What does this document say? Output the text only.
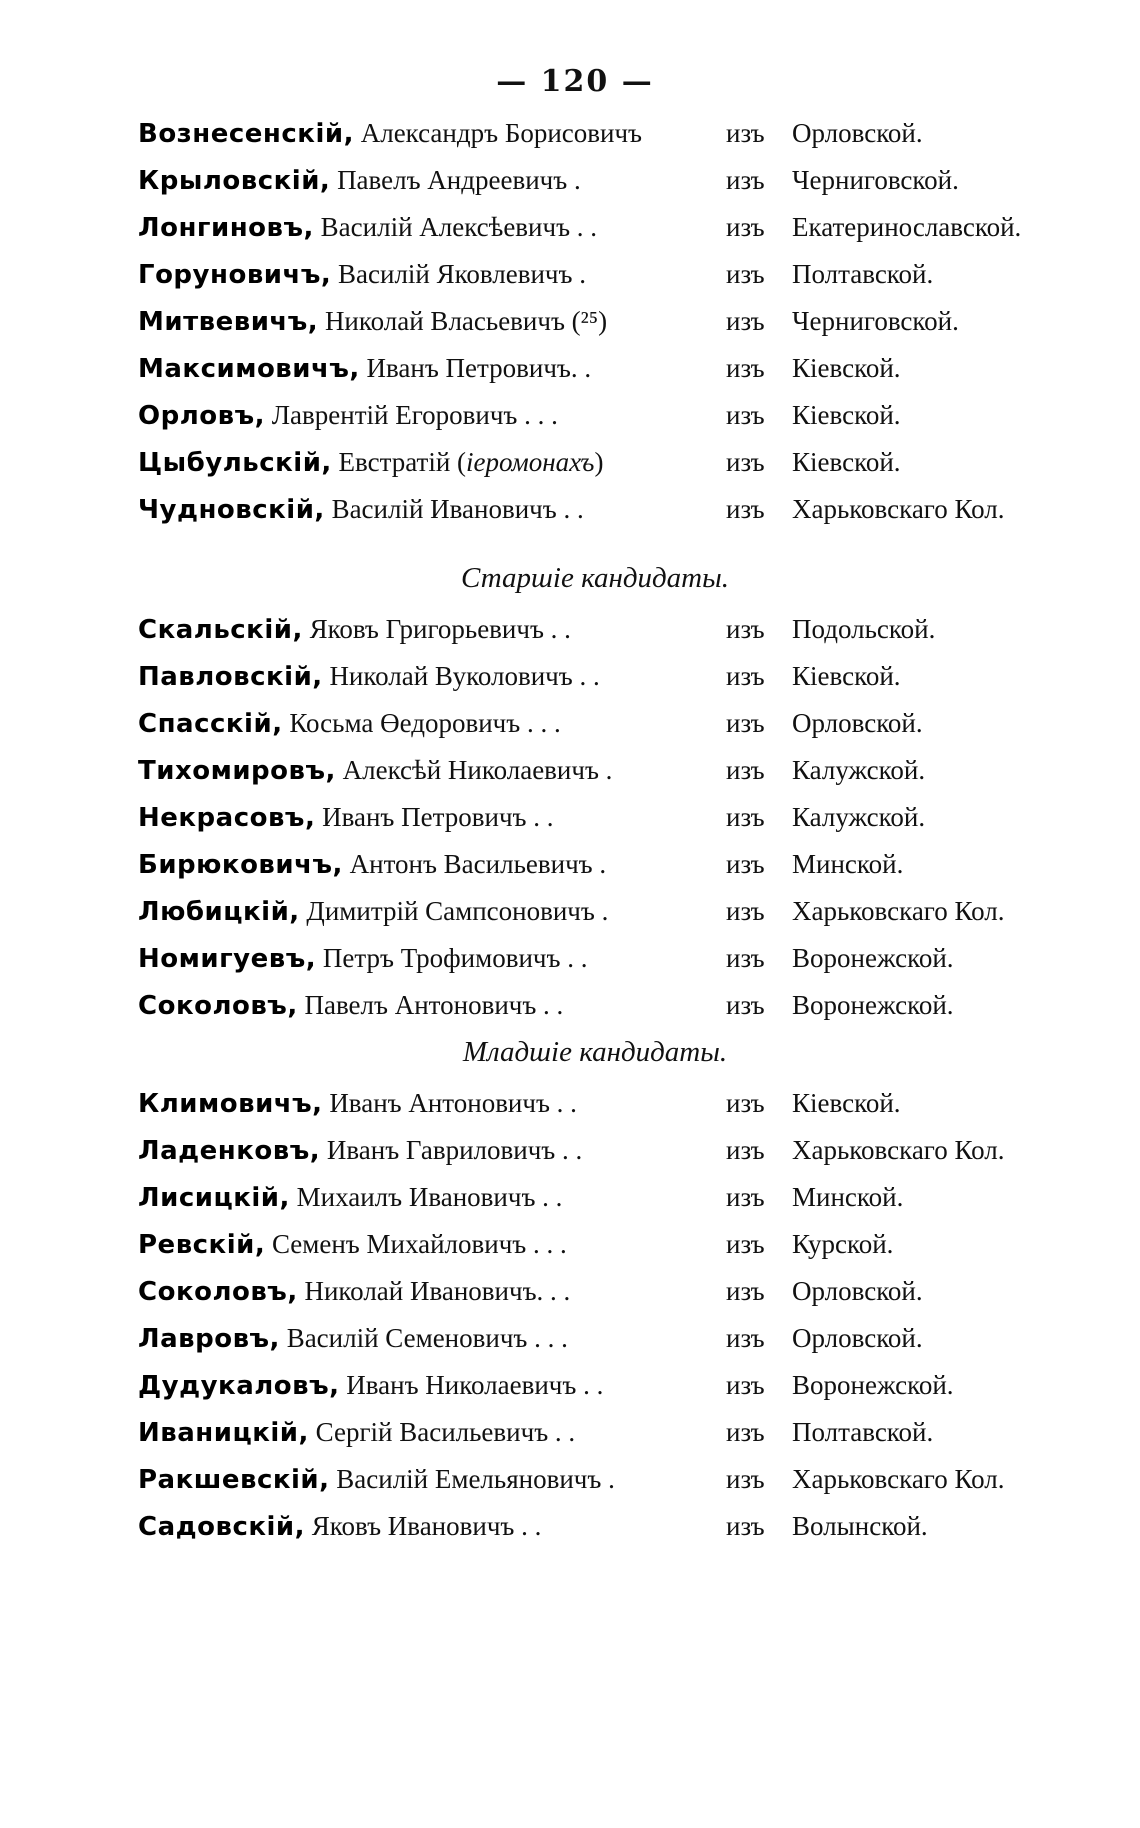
— 120 —
Вознесенскій, Александръ Борисовичъ	изъ Орловской.
Крыловскій, Павелъ Андреевичъ .	изъ Черниговской.
Лонгиновъ, Василій Алексѣевичъ . .	изъ Екатеринославской.
Горуновичъ, Василій Яковлевичъ .	изъ Полтавской.
Митвевичъ, Николай Власьевичъ (²⁵)	изъ Черниговской.
Максимовичъ, Иванъ Петровичъ. .	изъ Кіевской.
Орловъ, Лаврентій Егоровичъ . . .	изъ Кіевской.
Цыбульскій, Евстратій (іеромонахъ)	изъ Кіевской.
Чудновскій, Василій Ивановичъ . .	изъ Харьковскаго Кол.
Старшіе кандидаты.
Скальскій, Яковъ Григорьевичъ . .	изъ Подольской.
Павловскій, Николай Вуколовичъ . .	изъ Кіевской.
Спасскій, Косьма Өедоровичъ . . .	изъ Орловской.
Тихомировъ, Алексѣй Николаевичъ .	изъ Калужской.
Некрасовъ, Иванъ Петровичъ . .	изъ Калужской.
Бирюковичъ, Антонъ Васильевичъ .	изъ Минской.
Любицкій, Димитрій Сампсоновичъ .	изъ Харьковскаго Кол.
Номигуевъ, Петръ Трофимовичъ . .	изъ Воронежской.
Соколовъ, Павелъ Антоновичъ . .	изъ Воронежской.
Младшіе кандидаты.
Климовичъ, Иванъ Антоновичъ . .	изъ Кіевской.
Ладенковъ, Иванъ Гавриловичъ . .	изъ Харьковскаго Кол.
Лисицкій, Михаилъ Ивановичъ . .	изъ Минской.
Ревскій, Семенъ Михайловичъ . . .	изъ Курской.
Соколовъ, Николай Ивановичъ. . .	изъ Орловской.
Лавровъ, Василій Семеновичъ . . .	изъ Орловской.
Дудукаловъ, Иванъ Николаевичъ . .	изъ Воронежской.
Иваницкій, Сергій Васильевичъ . .	изъ Полтавской.
Ракшевскій, Василій Емельяновичъ .	изъ Харьковскаго Кол.
Садовскій, Яковъ Ивановичъ . .	изъ Волынской.
